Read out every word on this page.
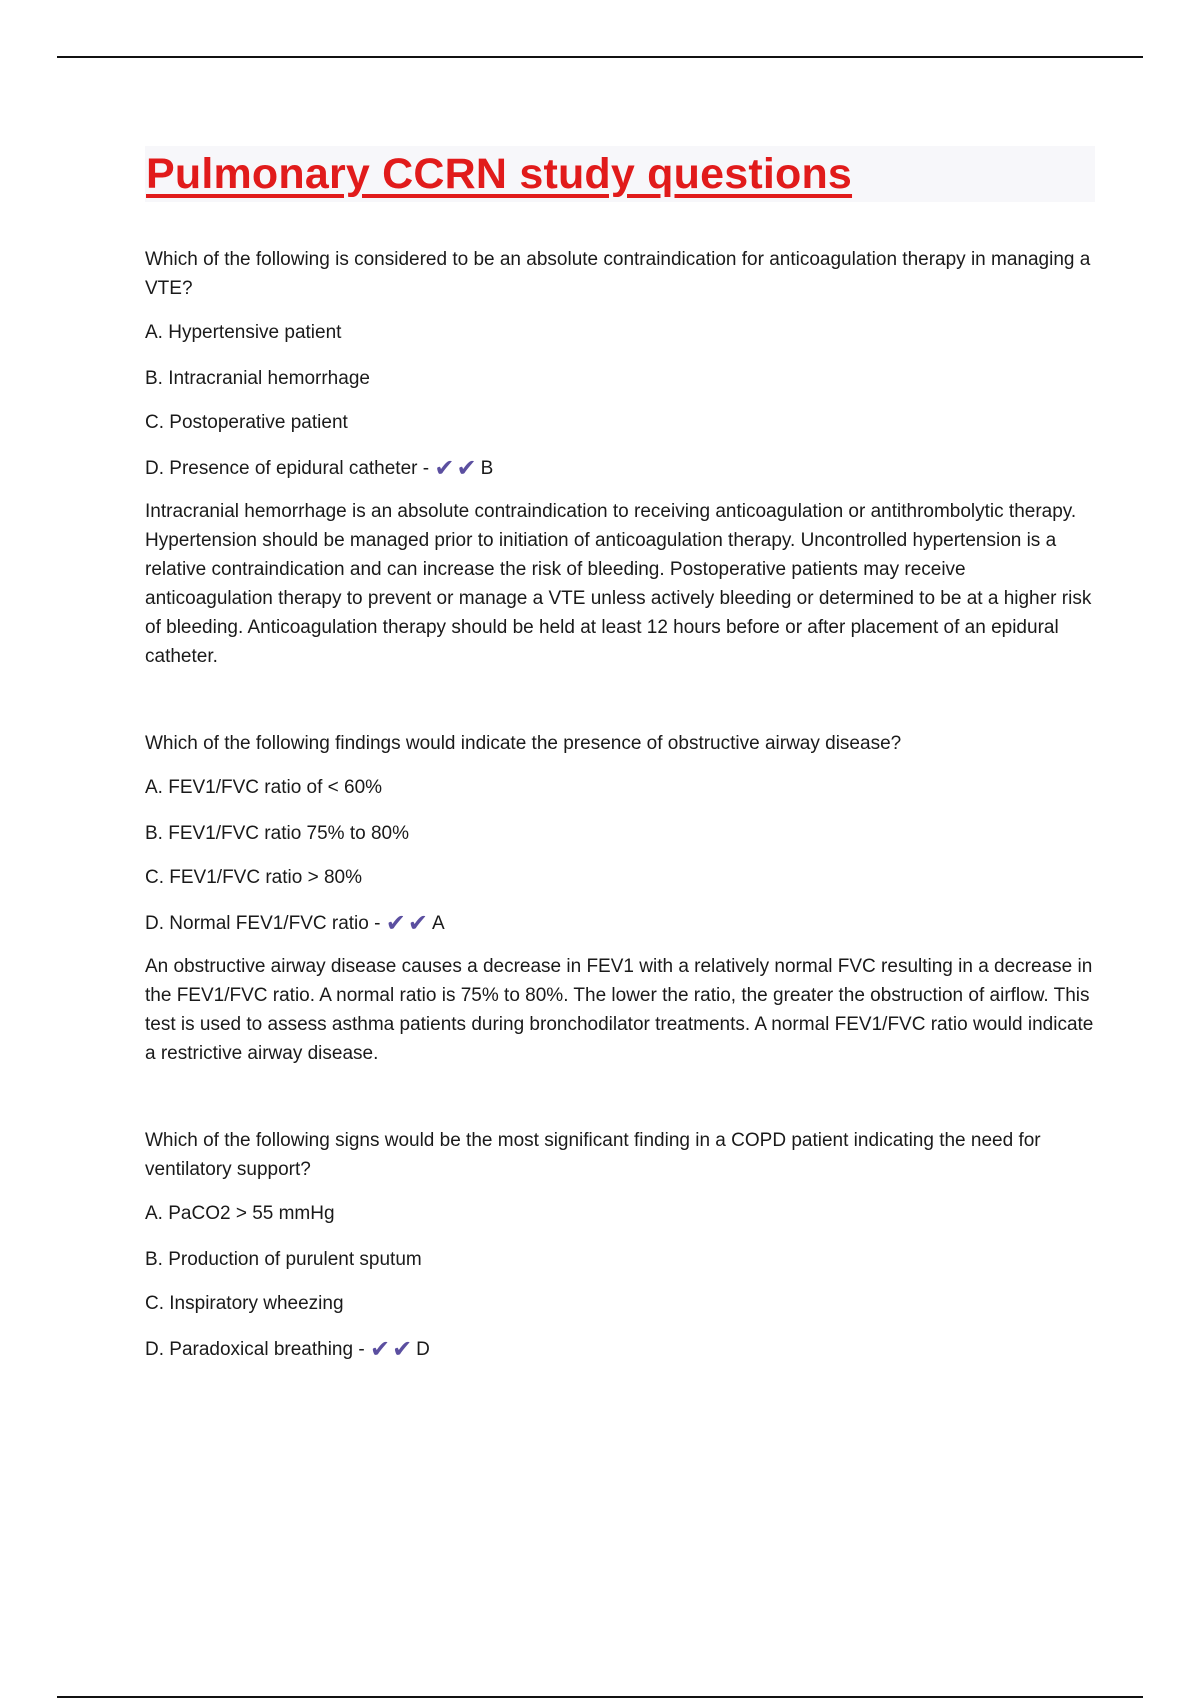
Pulmonary CCRN study questions

Which of the following is considered to be an absolute contraindication for anticoagulation therapy in managing a VTE?

A. Hypertensive patient

B. Intracranial hemorrhage

C. Postoperative patient

D. Presence of epidural catheter - ✔✔ B

Intracranial hemorrhage is an absolute contraindication to receiving anticoagulation or antithrombolytic therapy. Hypertension should be managed prior to initiation of anticoagulation therapy. Uncontrolled hypertension is a relative contraindication and can increase the risk of bleeding. Postoperative patients may receive anticoagulation therapy to prevent or manage a VTE unless actively bleeding or determined to be at a higher risk of bleeding. Anticoagulation therapy should be held at least 12 hours before or after placement of an epidural catheter.

Which of the following findings would indicate the presence of obstructive airway disease?

A. FEV1/FVC ratio of < 60%

B. FEV1/FVC ratio 75% to 80%

C. FEV1/FVC ratio > 80%

D. Normal FEV1/FVC ratio - ✔✔ A

An obstructive airway disease causes a decrease in FEV1 with a relatively normal FVC resulting in a decrease in the FEV1/FVC ratio. A normal ratio is 75% to 80%. The lower the ratio, the greater the obstruction of airflow. This test is used to assess asthma patients during bronchodilator treatments. A normal FEV1/FVC ratio would indicate a restrictive airway disease.

Which of the following signs would be the most significant finding in a COPD patient indicating the need for ventilatory support?

A. PaCO2 > 55 mmHg

B. Production of purulent sputum

C. Inspiratory wheezing

D. Paradoxical breathing - ✔✔ D
